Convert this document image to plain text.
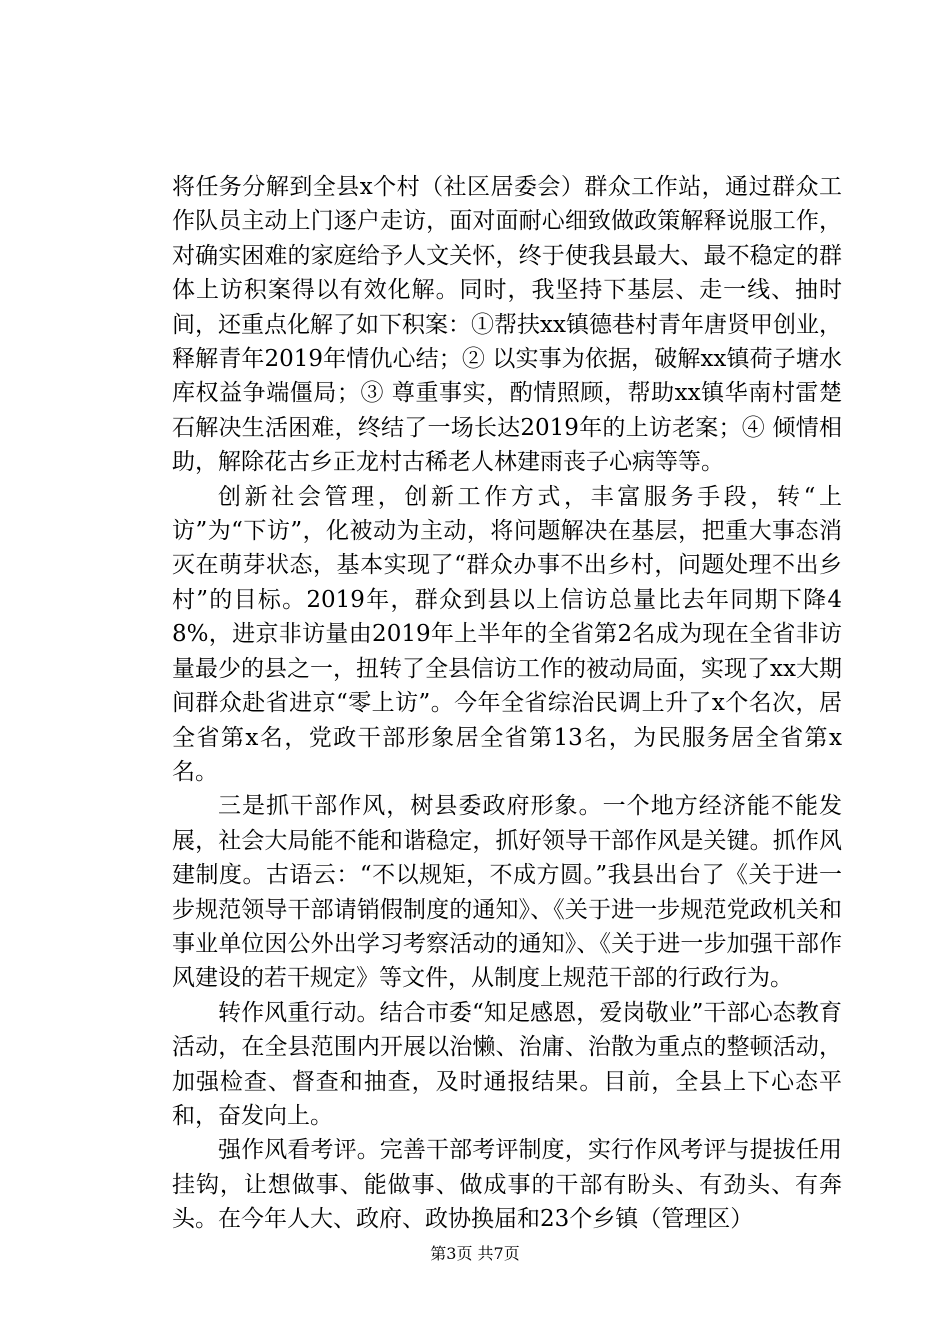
将任务分解到全县x个村（社区居委会）群众工作站，通过群众工作队员主动上门逐户走访，面对面耐心细致做政策解释说服工作，对确实困难的家庭给予人文关怀，终于使我县最大、最不稳定的群体上访积案得以有效化解。同时，我坚持下基层、走一线、抽时间，还重点化解了如下积案：①帮扶xx镇德巷村青年唐贤甲创业，释解青年2019年情仇心结；② 以实事为依据，破解xx镇荷子塘水库权益争端僵局；③ 尊重事实，酌情照顾，帮助xx镇华南村雷楚石解决生活困难，终结了一场长达2019年的上访老案；④ 倾情相助，解除花古乡正龙村古稀老人林建雨丧子心病等等。

创新社会管理，创新工作方式，丰富服务手段，转“上访”为“下访”，化被动为主动，将问题解决在基层，把重大事态消灭在萌芽状态，基本实现了“群众办事不出乡村，问题处理不出乡村”的目标。2019年，群众到县以上信访总量比去年同期下降48%，进京非访量由2019年上半年的全省第2名成为现在全省非访量最少的县之一，扭转了全县信访工作的被动局面，实现了xx大期间群众赴省进京“零上访”。今年全省综治民调上升了x个名次，居全省第x名，党政干部形象居全省第13名，为民服务居全省第x名。

三是抓干部作风，树县委政府形象。一个地方经济能不能发展，社会大局能不能和谐稳定，抓好领导干部作风是关键。抓作风建制度。古语云：“不以规矩，不成方圆。”我县出台了《关于进一步规范领导干部请销假制度的通知》、《关于进一步规范党政机关和事业单位因公外出学习考察活动的通知》、《关于进一步加强干部作风建设的若干规定》等文件，从制度上规范干部的行政行为。

转作风重行动。结合市委“知足感恩，爱岗敬业”干部心态教育活动，在全县范围内开展以治懒、治庸、治散为重点的整顿活动，加强检查、督查和抽查，及时通报结果。目前，全县上下心态平和，奋发向上。

强作风看考评。完善干部考评制度，实行作风考评与提拔任用挂钩，让想做事、能做事、做成事的干部有盼头、有劲头、有奔头。在今年人大、政府、政协换届和23个乡镇（管理区）

第3页 共7页
